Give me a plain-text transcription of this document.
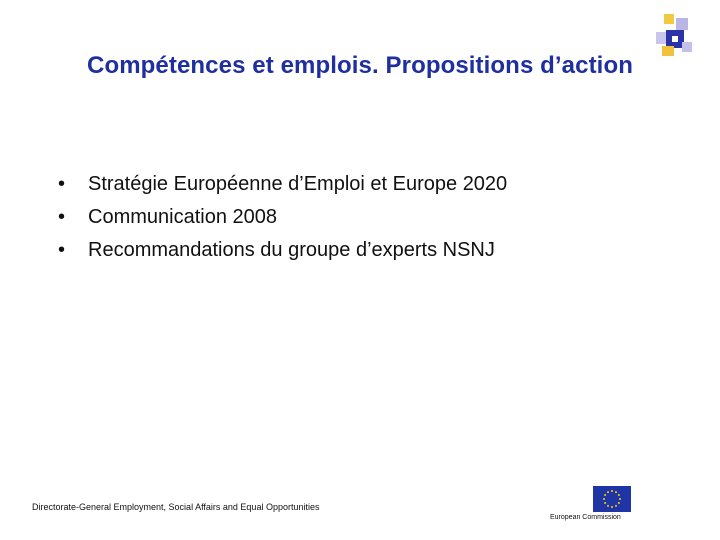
Compétences et emplois. Propositions d’action
• Stratégie Européenne d’Emploi et Europe 2020
• Communication 2008
• Recommandations du groupe d’experts NSNJ
Directorate-General Employment, Social Affairs and Equal Opportunities
European Commission
